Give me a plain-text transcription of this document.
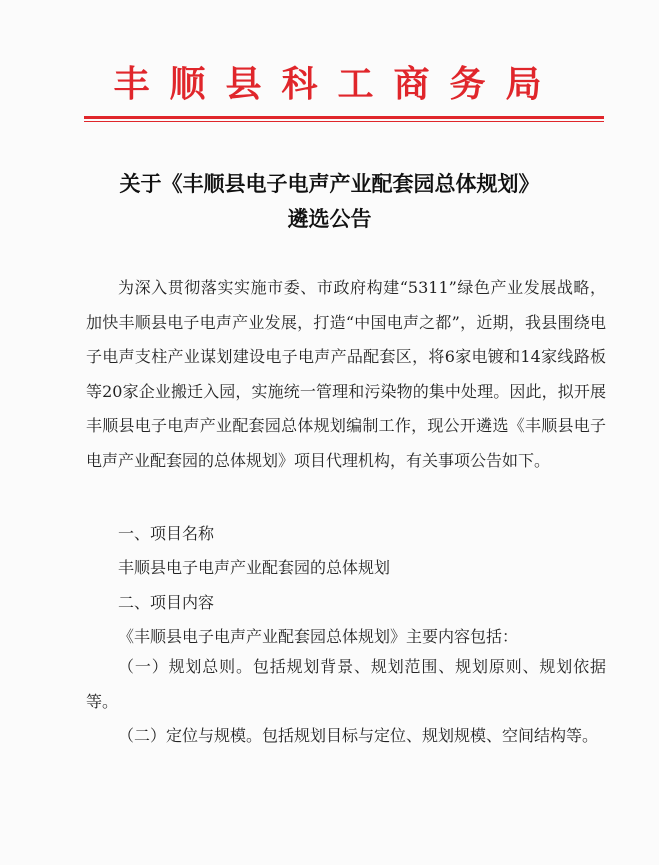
丰顺县科工商务局
关于《丰顺县电子电声产业配套园总体规划》
遴选公告

为深入贯彻落实实施市委、市政府构建“5311”绿色产业发展战略，加快丰顺县电子电声产业发展，打造“中国电声之都”，近期，我县围绕电子电声支柱产业谋划建设电子电声产品配套区，将6家电镀和14家线路板等20家企业搬迁入园，实施统一管理和污染物的集中处理。因此，拟开展丰顺县电子电声产业配套园总体规划编制工作，现公开遴选《丰顺县电子电声产业配套园的总体规划》项目代理机构，有关事项公告如下。

一、项目名称
丰顺县电子电声产业配套园的总体规划
二、项目内容
《丰顺县电子电声产业配套园总体规划》主要内容包括：

（一）规划总则。包括规划背景、规划范围、规划原则、规划依据等。

（二）定位与规模。包括规划目标与定位、规划规模、空间结构等。
